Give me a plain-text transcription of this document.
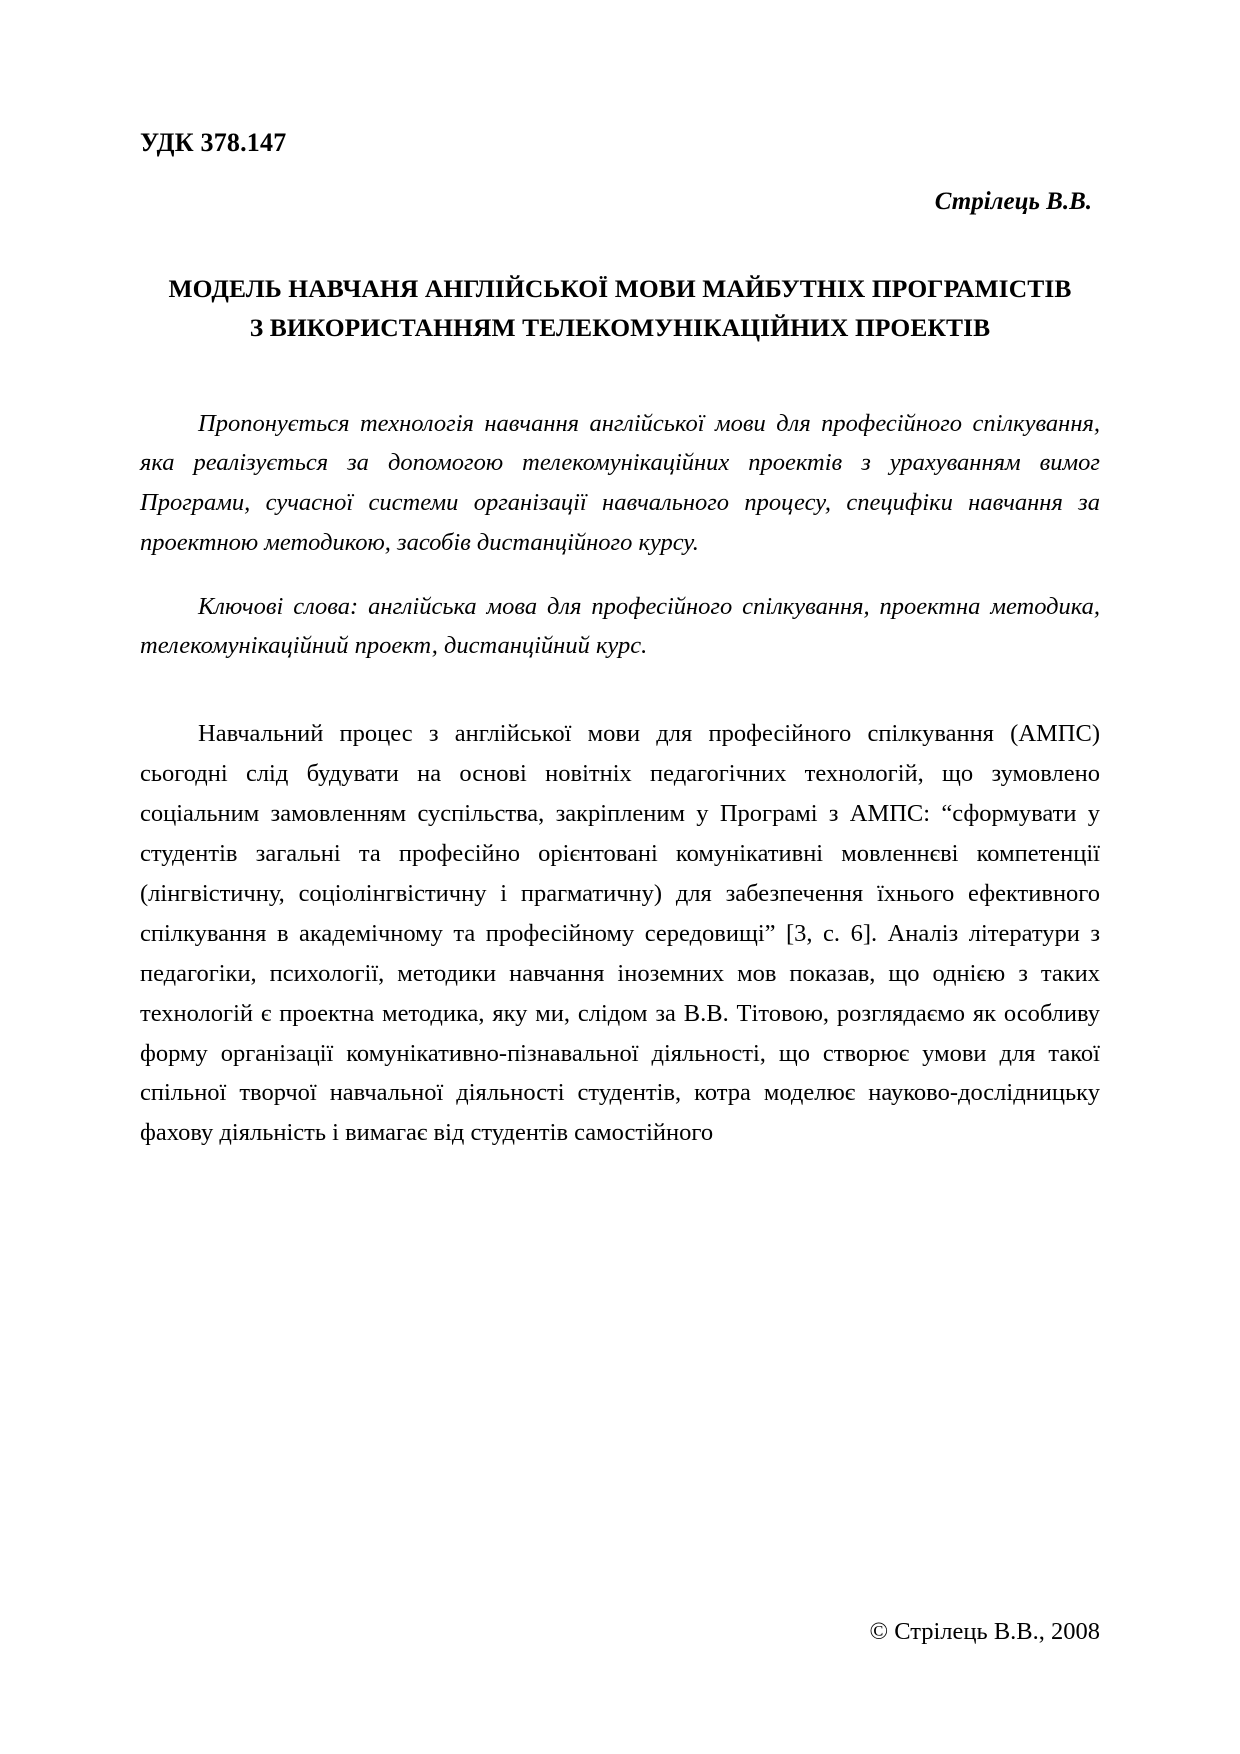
УДК 378.147
Стрілець В.В.
МОДЕЛЬ НАВЧАНЯ АНГЛІЙСЬКОЇ МОВИ МАЙБУТНІХ ПРОГРАМІСТІВ З ВИКОРИСТАННЯМ ТЕЛЕКОМУНІКАЦІЙНИХ ПРОЕКТІВ

Пропонується технологія навчання англійської мови для професійного спілкування, яка реалізується за допомогою телекомунікаційних проектів з урахуванням вимог Програми, сучасної системи організації навчального процесу, специфіки навчання за проектною методикою, засобів дистанційного курсу.

Ключові слова: англійська мова для професійного спілкування, проектна методика, телекомунікаційний проект, дистанційний курс.

Навчальний процес з англійської мови для професійного спілкування (АМПС) сьогодні слід будувати на основі новітніх педагогічних технологій, що зумовлено соціальним замовленням суспільства, закріпленим у Програмі з АМПС: “сформувати у студентів загальні та професійно орієнтовані комунікативні мовленнєві компетенції (лінгвістичну, соціолінгвістичну і прагматичну) для забезпечення їхнього ефективного спілкування в академічному та професійному середовищі” [3, с. 6]. Аналіз літератури з педагогіки, психології, методики навчання іноземних мов показав, що однією з таких технологій є проектна методика, яку ми, слідом за В.В. Тітовою, розглядаємо як особливу форму організації комунікативно-пізнавальної діяльності, що створює умови для такої спільної творчої навчальної діяльності студентів, котра моделює науково-дослідницьку фахову діяльність і вимагає від студентів самостійного

© Стрілець В.В., 2008
